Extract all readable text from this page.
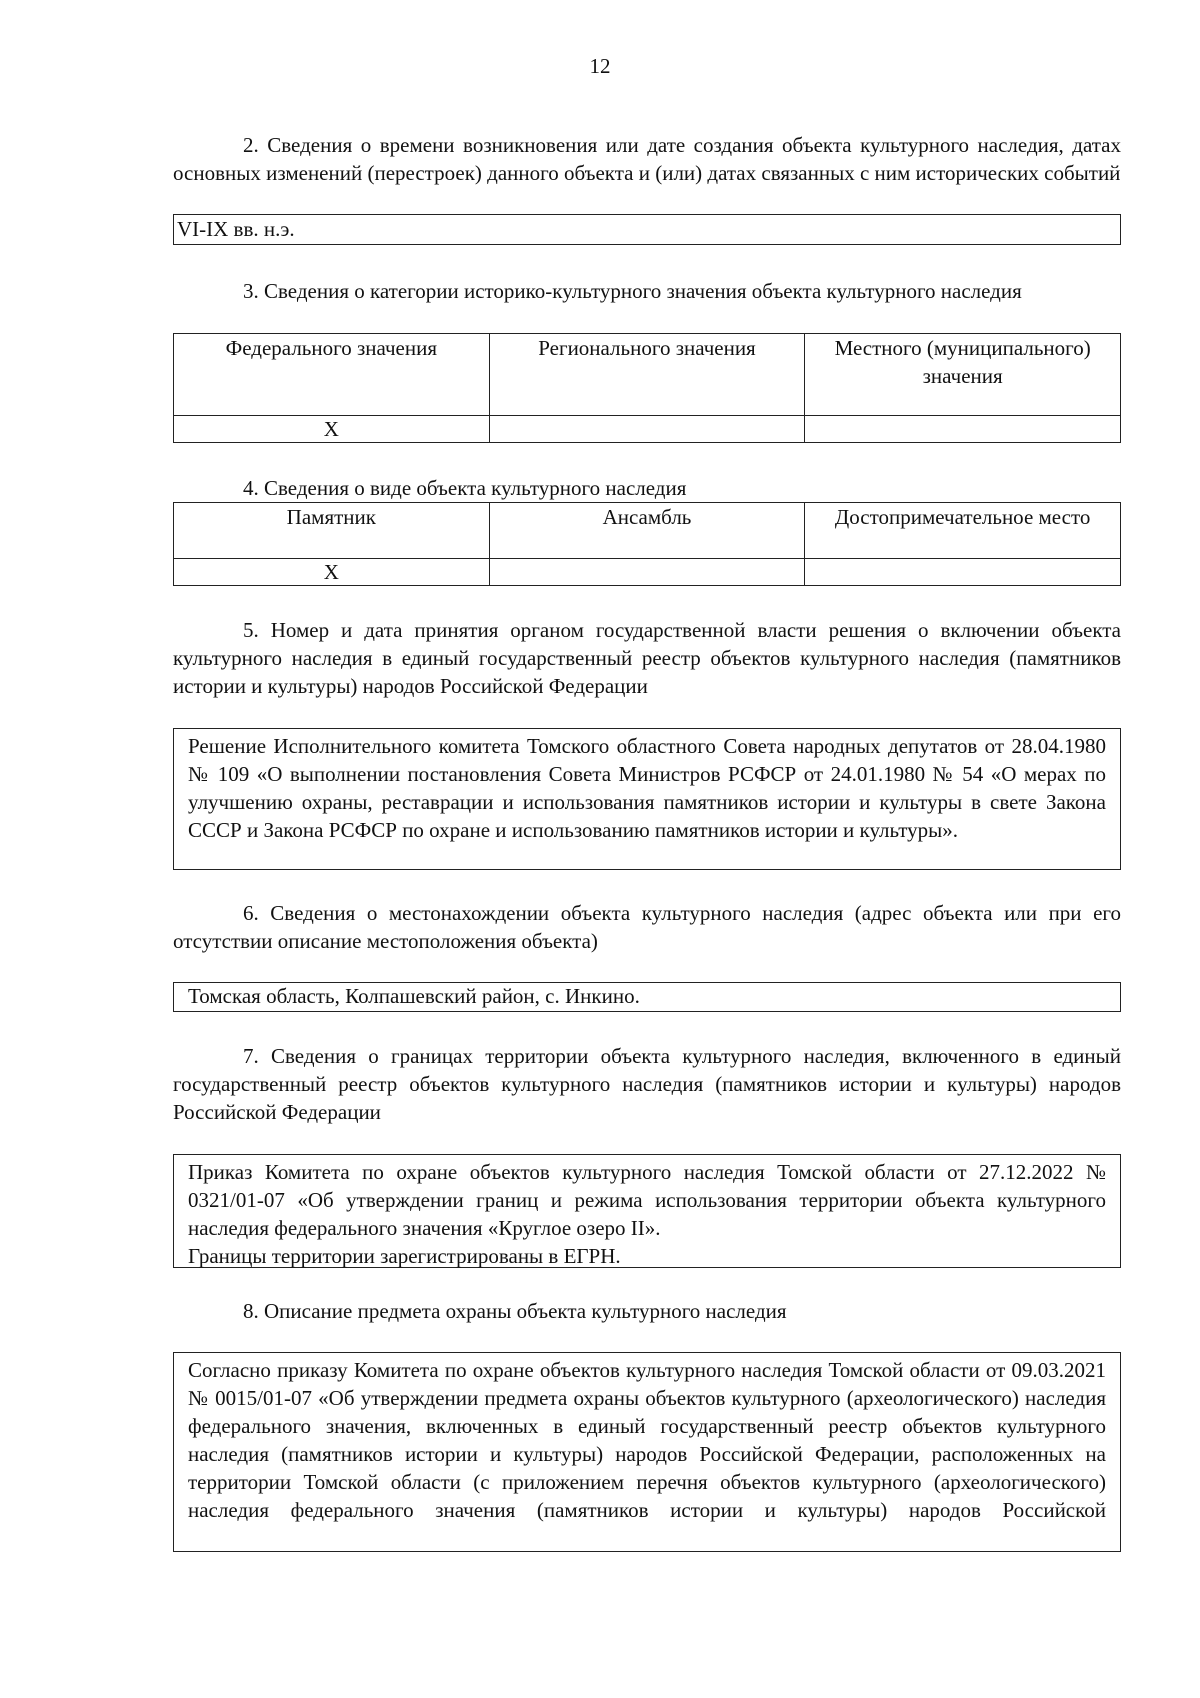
12

2. Сведения о времени возникновения или дате создания объекта культурного наследия, датах основных изменений (перестроек) данного объекта и (или) датах связанных с ним исторических событий

VI-IX вв. н.э.

3. Сведения о категории историко-культурного значения объекта культурного наследия

Федерального значения	Регионального значения	Местного (муниципального) значения
X		

4. Сведения о виде объекта культурного наследия

Памятник	Ансамбль	Достопримечательное место
X		

5. Номер и дата принятия органом государственной власти решения о включении объекта культурного наследия в единый государственный реестр объектов культурного наследия (памятников истории и культуры) народов Российской Федерации

Решение Исполнительного комитета Томского областного Совета народных депутатов от 28.04.1980 № 109 «О выполнении постановления Совета Министров РСФСР от 24.01.1980 № 54 «О мерах по улучшению охраны, реставрации и использования памятников истории и культуры в свете Закона СССР и Закона РСФСР по охране и использованию памятников истории и культуры».

6. Сведения о местонахождении объекта культурного наследия (адрес объекта или при его отсутствии описание местоположения объекта)

Томская область, Колпашевский район, с. Инкино.

7. Сведения о границах территории объекта культурного наследия, включенного в единый государственный реестр объектов культурного наследия (памятников истории и культуры) народов Российской Федерации

Приказ Комитета по охране объектов культурного наследия Томской области от 27.12.2022 № 0321/01-07 «Об утверждении границ и режима использования территории объекта культурного наследия федерального значения «Круглое озеро II».

Границы территории зарегистрированы в ЕГРН.

8. Описание предмета охраны объекта культурного наследия

Согласно приказу Комитета по охране объектов культурного наследия Томской области от 09.03.2021 № 0015/01-07 «Об утверждении предмета охраны объектов культурного (археологического) наследия федерального значения, включенных в единый государственный реестр объектов культурного наследия (памятников истории и культуры) народов Российской Федерации, расположенных на территории Томской области (с приложением перечня объектов культурного (археологического) наследия федерального значения (памятников истории и культуры) народов Российской
